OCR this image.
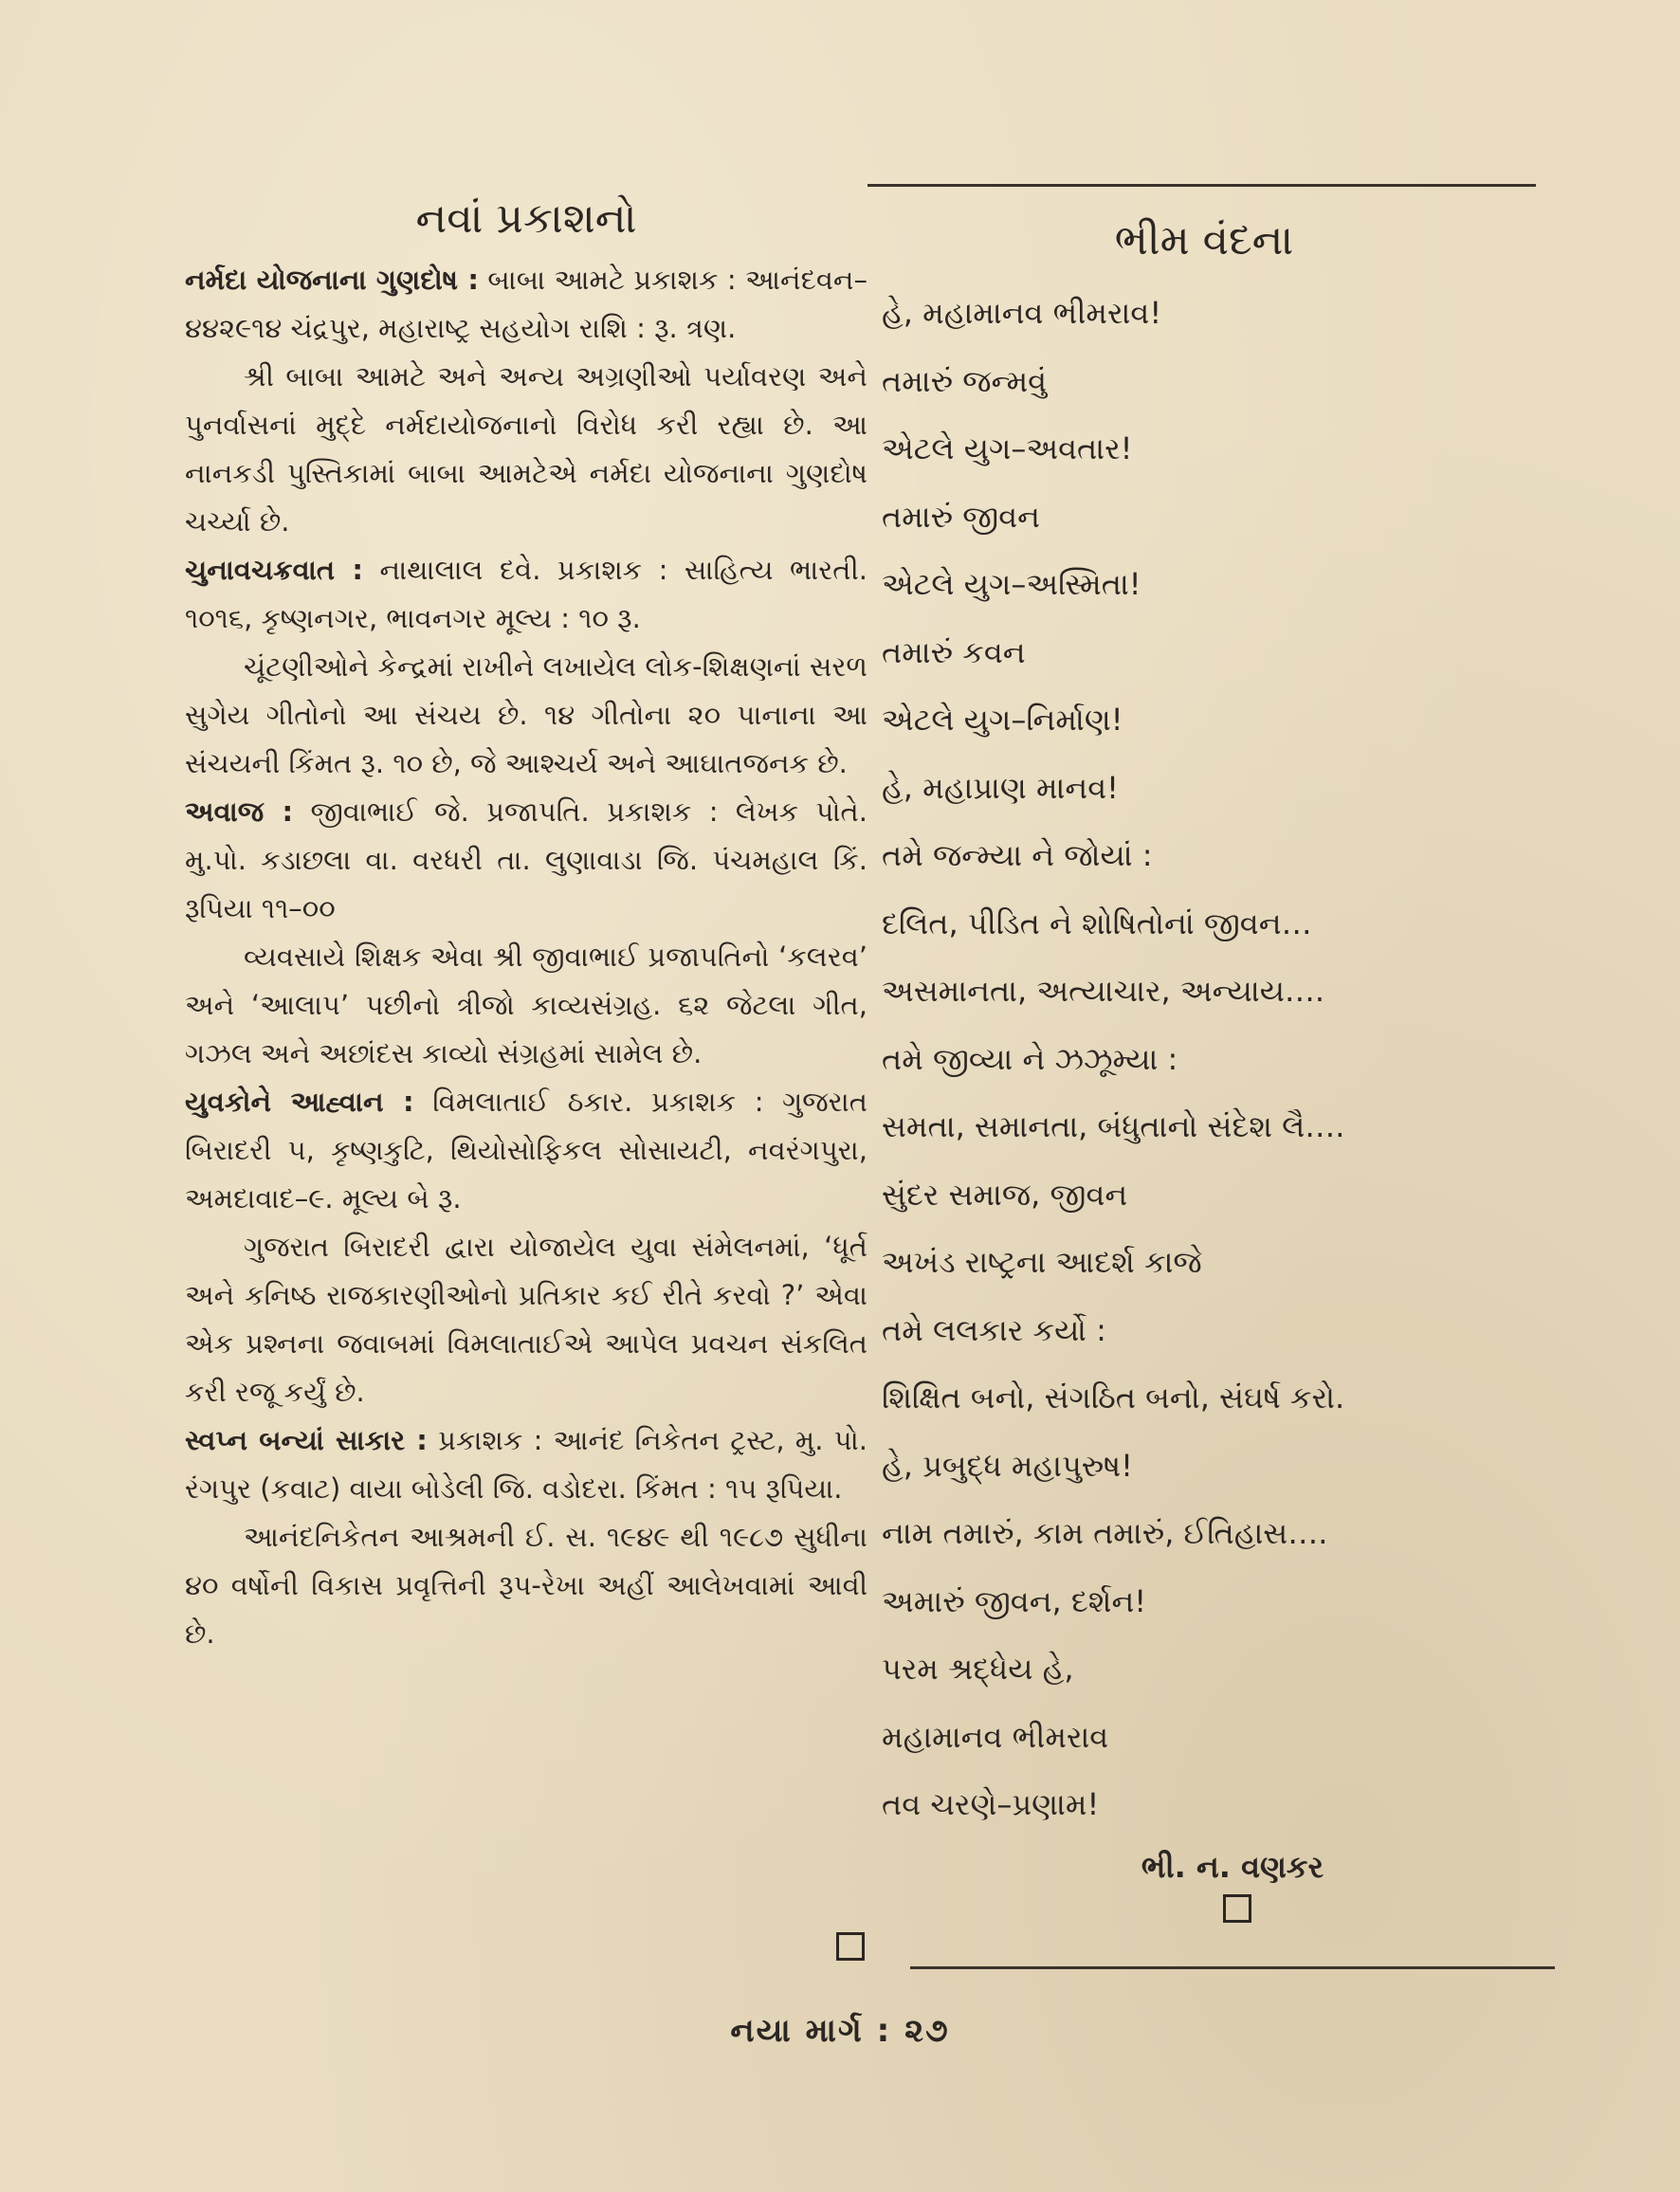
નવાં પ્રકાશનો

નર્મદા યોજનાના ગુણદોષ : બાબા આમટે પ્રકાશક : આનંદવન–૪૪૨૯૧૪ ચંદ્રપુર, મહારાષ્ટ્ર સહયોગ રાશિ : રૂ. ત્રણ.

શ્રી બાબા આમટે અને અન્ય અગ્રણીઓ પર્યાવરણ અને પુનર્વાસનાં મુદ્દે નર્મદાયોજનાનો વિરોધ કરી રહ્યા છે. આ નાનકડી પુસ્તિકામાં બાબા આમટેએ નર્મદા યોજનાના ગુણદોષ ચર્ચ્યા છે.

ચુનાવચક્રવાત : નાથાલાલ દવે. પ્રકાશક : સાહિત્ય ભારતી. ૧૦૧૬, કૃષ્ણનગર, ભાવનગર મૂલ્ય : ૧૦ રૂ.

ચૂંટણીઓને કેન્દ્રમાં રાખીને લખાયેલ લોક-શિક્ષણનાં સરળ સુગેય ગીતોનો આ સંચય છે. ૧૪ ગીતોના ૨૦ પાનાના આ સંચયની કિંમત રૂ. ૧૦ છે, જે આશ્ચર્ય અને આઘાતજનક છે.

અવાજ : જીવાભાઈ જે. પ્રજાપતિ. પ્રકાશક : લેખક પોતે. મુ.પો. કડાછલા વા. વરધરી તા. લુણાવાડા જિ. પંચમહાલ કિં. રૂપિયા ૧૧–૦૦

વ્યવસાયે શિક્ષક એવા શ્રી જીવાભાઈ પ્રજાપતિનો ‘કલરવ’ અને ‘આલાપ’ પછીનો ત્રીજો કાવ્યસંગ્રહ. ૬૨ જેટલા ગીત, ગઝલ અને અછાંદસ કાવ્યો સંગ્રહમાં સામેલ છે.

યુવકોને આહ્વાન : વિમલાતાઈ ઠકાર. પ્રકાશક : ગુજરાત બિરાદરી ૫, કૃષ્ણકુટિ, થિયોસોફિકલ સોસાયટી, નવરંગપુરા, અમદાવાદ–૯. મૂલ્ય બે રૂ.

ગુજરાત બિરાદરી દ્વારા યોજાયેલ યુવા સંમેલનમાં, ‘ધૂર્ત અને કનિષ્ઠ રાજકારણીઓનો પ્રતિકાર કઈ રીતે કરવો ?’ એવા એક પ્રશ્નના જવાબમાં વિમલાતાઈએ આપેલ પ્રવચન સંકલિત કરી રજૂ કર્યું છે.

સ્વપ્ન બન્યાં સાકાર : પ્રકાશક : આનંદ નિકેતન ટ્રસ્ટ, મુ. પો. રંગપુર (કવાટ) વાયા બોડેલી જિ. વડોદરા. કિંમત : ૧૫ રૂપિયા.

આનંદનિકેતન આશ્રમની ઈ. સ. ૧૯૪૯ થી ૧૯૮૭ સુધીના ૪૦ વર્ષોની વિકાસ પ્રવૃત્તિની રૂપ-રેખા અહીં આલેખવામાં આવી છે.

ભીમ વંદના
હે, મહામાનવ ભીમરાવ!
તમારું જન્મવું
એટલે યુગ–અવતાર!
તમારું જીવન
એટલે યુગ–અસ્મિતા!
તમારું કવન
એટલે યુગ–નિર્માણ!
હે, મહાપ્રાણ માનવ!
તમે જન્મ્યા ને જોયાં :
દલિત, પીડિત ને શોષિતોનાં જીવન…
અસમાનતા, અત્યાચાર, અન્યાય….
તમે જીવ્યા ને ઝઝૂમ્યા :
સમતા, સમાનતા, બંધુતાનો સંદેશ લૈ….
સુંદર સમાજ, જીવન
અખંડ રાષ્ટ્રના આદર્શ કાજે
તમે લલકાર કર્યો :
શિક્ષિત બનો, સંગઠિત બનો, સંઘર્ષ કરો.
હે, પ્રબુદ્ધ મહાપુરુષ!
નામ તમારું, કામ તમારું, ઈતિહાસ….
અમારું જીવન, દર્શન!
પરમ શ્રદ્ધેય હે,
મહામાનવ ભીમરાવ
તવ ચરણે–પ્રણામ!
ભી. ન. વણકર
નયા માર્ગ : ૨૭
